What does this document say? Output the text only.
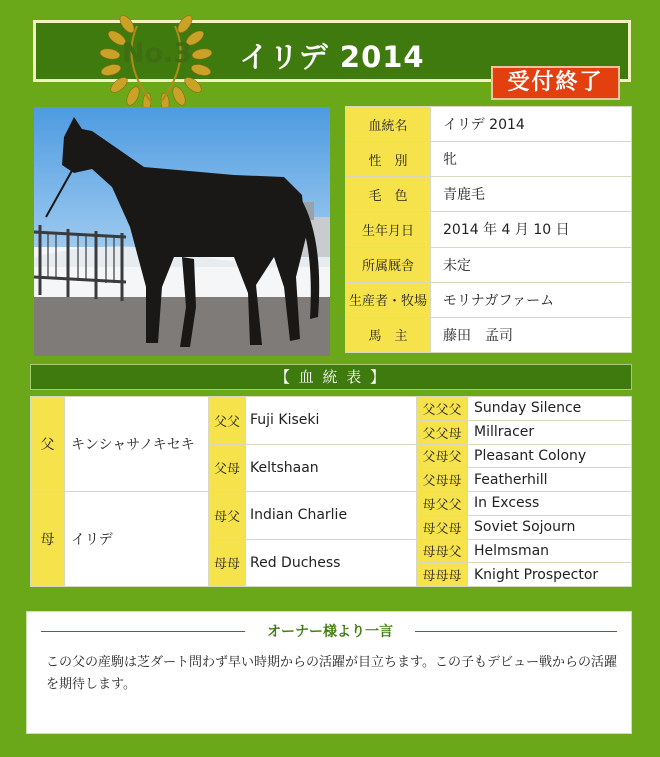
イリデ 2014
No.3
受付終了
血統名	イリデ 2014
性　別	牝
毛　色	青鹿毛
生年月日	2014 年 4 月 10 日
所属厩舎	未定
生産者・牧場	モリナガファーム
馬　主	藤田　孟司
【 血 統 表 】
父	キンシャサノキセキ	父父	Fuji Kiseki	父父父	Sunday Silence
				父父母	Millracer
		父母	Keltshaan	父母父	Pleasant Colony
				父母母	Featherhill
母	イリデ	母父	Indian Charlie	母父父	In Excess
				母父母	Soviet Sojourn
		母母	Red Duchess	母母父	Helmsman
				母母母	Knight Prospector
オーナー様より一言
この父の産駒は芝ダート問わず早い時期からの活躍が目立ちます。この子もデビュー戦からの活躍を期待します。
